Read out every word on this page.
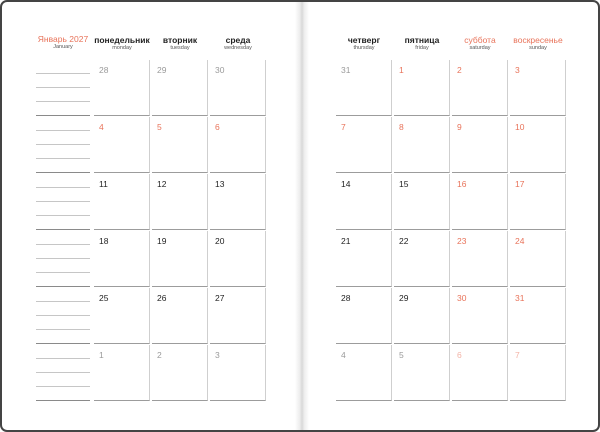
Январь 2027
January
понедельник
monday
вторник
tuesday
среда
wednesday
28	29	30
4	5	6
11	12	13
18	19	20
25	26	27
1	2	3
четверг
thursday
пятница
friday
суббота
saturday
воскресенье
sunday
31	1	2	3
7	8	9	10
14	15	16	17
21	22	23	24
28	29	30	31
4	5	6	7
